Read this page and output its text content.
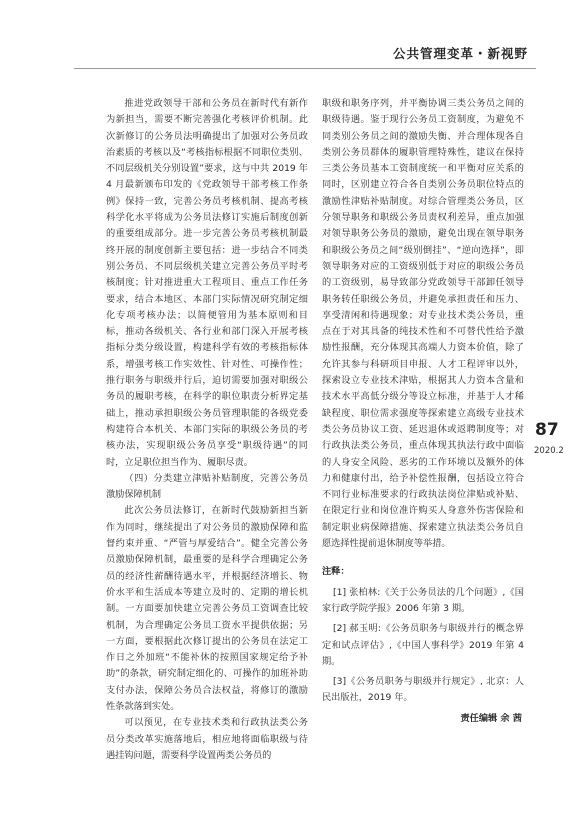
公共管理变革・新视野

推进党政领导干部和公务员在新时代有新作为新担当，需要不断完善强化考核评价机制。此次新修订的公务员法明确提出了加强对公务员政治素质的考核以及“考核指标根据不同职位类别、不同层级机关分别设置”要求，这与中共 2019 年 4 月最新颁布印发的《党政领导干部考核工作条例》保持一致，完善公务员考核机制、提高考核科学化水平将成为公务员法修订实施后制度创新的重要组成部分。进一步完善公务员考核机制最终开展的制度创新主要包括：进一步结合不同类别公务员、不同层级机关建立完善公务员平时考核制度；针对推进重大工程项目、重点工作任务要求，结合本地区、本部门实际情况研究制定细化专项考核办法；以简便管用为基本原则和目标，推动各级机关、各行业和部门深入开展考核指标分类分级设置，构建科学有效的考核指标体系，增强考核工作实效性、针对性、可操作性；推行职务与职级并行后，迫切需要加强对职级公务员的履职考核，在科学的职位职责分析界定基础上，推动承担职级公务员管理职能的各级党委构建符合本机关、本部门实际的职级公务员的考核办法，实现职级公务员享受“职级待遇”的同时，立足职位担当作为、履职尽责。

（四）分类建立津贴补贴制度，完善公务员激励保障机制

此次公务员法修订，在新时代鼓励新担当新作为同时，继续提出了对公务员的激励保障和监督约束并重、“严管与厚爱结合”。健全完善公务员激励保障机制，最重要的是科学合理确定公务员的经济性薪酬待遇水平，并根据经济增长、物价水平和生活成本等建立及时的、定期的增长机制。一方面要加快建立完善公务员工资调查比较机制，为合理确定公务员工资水平提供依据；另一方面，要根据此次修订提出的公务员在法定工作日之外加班“不能补休的按照国家规定给予补助”的条款，研究制定细化的、可操作的加班补助支付办法，保障公务员合法权益，将修订的激励性条款落到实处。

可以预见，在专业技术类和行政执法类公务员分类改革实施落地后，相应地将面临职级与待遇挂钩问题，需要科学设置两类公务员的

职级和职务序列，并平衡协调三类公务员之间的职级待遇。鉴于现行公务员工资制度，为避免不同类别公务员之间的激励失衡、并合理体现各自类别公务员群体的履职管理特殊性，建议在保持三类公务员基本工资制度统一和平衡对应关系的同时，区别建立符合各自类别公务员职位特点的激励性津贴补贴制度。对综合管理类公务员，区分领导职务和职级公务员责权利差异，重点加强对领导职务公务员的激励，避免出现在领导职务和职级公务员之间“级别倒挂”、“逆向选择”，即领导职务对应的工资级别低于对应的职级公务员的工资级别，易导致部分党政领导干部卸任领导职务转任职级公务员，并避免承担责任和压力、享受清闲和待遇现象；对专业技术类公务员，重点在于对其具备的纯技术性和不可替代性给予激励性报酬，充分体现其高端人力资本价值，除了允许其参与科研项目申报、人才工程评审以外，探索设立专业技术津贴，根据其人力资本含量和技术水平高低分级分等设立标准，并基于人才稀缺程度、职位需求强度等探索建立高级专业技术类公务员协议工资、延迟退休或返聘制度等；对行政执法类公务员，重点体现其执法行政中面临的人身安全风险、恶劣的工作环境以及额外的体力和健康付出，给予补偿性报酬，包括设立符合不同行业标准要求的行政执法岗位津贴或补贴、在限定行业和岗位准许购买人身意外伤害保险和制定职业病保障措施、探索建立执法类公务员自愿选择性提前退休制度等举措。

注释：

[1] 张柏林:《关于公务员法的几个问题》,《国家行政学院学报》2006 年第 3 期。

[2] 郝玉明:《公务员职务与职级并行的概念界定和试点评估》,《中国人事科学》2019 年第 4 期。

[3]《公务员职务与职级并行规定》, 北京：人民出版社，2019 年。

责任编辑 余 茜

87
2020.2
